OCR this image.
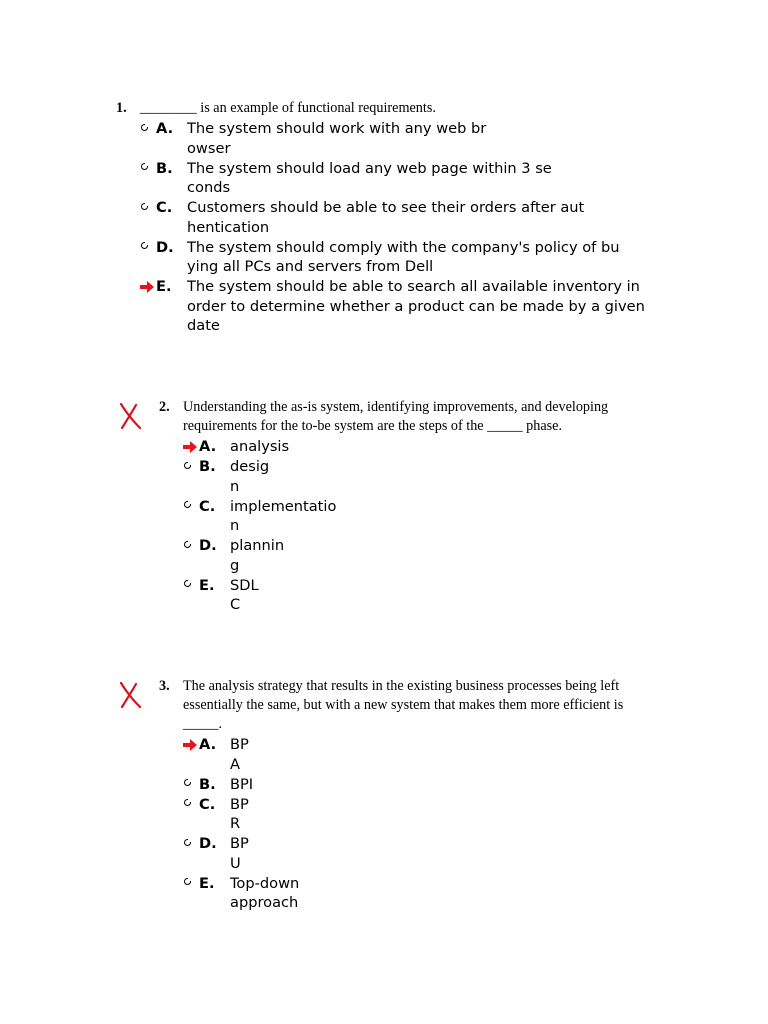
1. ________ is an example of functional requirements.
A. The system should work with any web browser
B. The system should load any web page within 3 seconds
C.	Customers should be able to see their orders after authentication
D. The system should comply with the company's policy of buying all PCs and servers from Dell
E.	The system should be able to search all available inventory in order to determine whether a product can be made by a given date
2. Understanding the as-is system, identifying improvements, and developing requirements for the to-be system are the steps of the _____ phase.
A. analysis
B. design
C.	implementation
D. planning
E.	SDLC
3. The analysis strategy that results in the existing business processes being left essentially the same, but with a new system that makes them more efficient is _____.
A. BPA
B. BPI
C.	BPR
D. BPU
E.	Top-down approach
